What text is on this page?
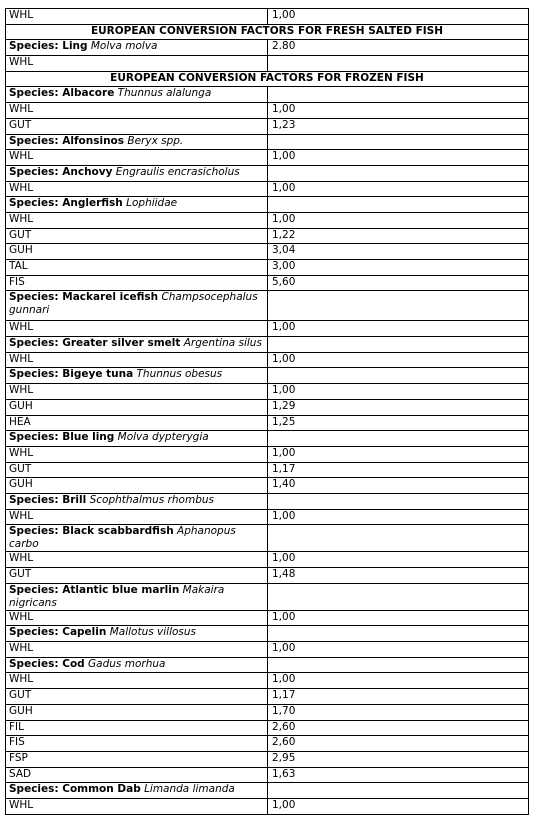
WHL	1,00
EUROPEAN CONVERSION FACTORS FOR FRESH SALTED FISH	
Species: Ling Molva molva	2.80
WHL	
EUROPEAN CONVERSION FACTORS FOR FROZEN FISH	
Species: Albacore Thunnus alalunga	
WHL	1,00
GUT	1,23
Species: Alfonsinos Beryx spp.	
WHL	1,00
Species: Anchovy Engraulis encrasicholus	
WHL	1,00
Species: Anglerfish Lophiidae	
WHL	1,00
GUT	1,22
GUH	3,04
TAL	3,00
FIS	5,60
Species: Mackarel icefish Champsocephalus gunnari	
WHL	1,00
Species: Greater silver smelt Argentina silus	
WHL	1,00
Species: Bigeye tuna Thunnus obesus	
WHL	1,00
GUH	1,29
HEA	1,25
Species: Blue ling Molva dypterygia	
WHL	1,00
GUT	1,17
GUH	1,40
Species: Brill Scophthalmus rhombus	
WHL	1,00
Species: Black scabbardfish Aphanopus carbo	
WHL	1,00
GUT	1,48
Species: Atlantic blue marlin Makaira nigricans	
WHL	1,00
Species: Capelin Mallotus villosus	
WHL	1,00
Species: Cod Gadus morhua	
WHL	1,00
GUT	1,17
GUH	1,70
FIL	2,60
FIS	2,60
FSP	2,95
SAD	1,63
Species: Common Dab Limanda limanda	
WHL	1,00
